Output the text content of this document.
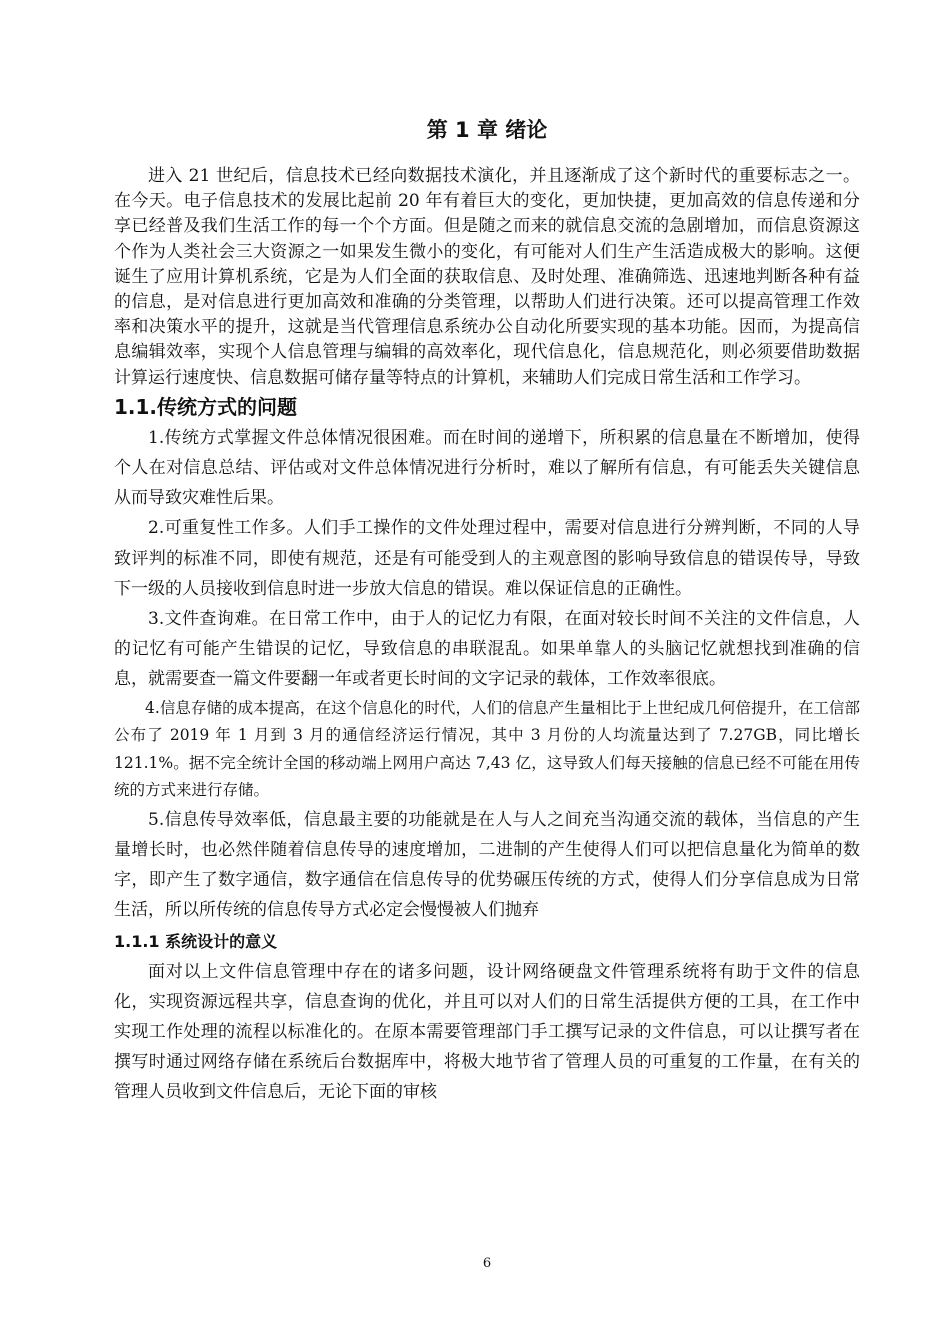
第 1 章 绪论

进入 21 世纪后，信息技术已经向数据技术演化，并且逐渐成了这个新时代的重要标志之一。在今天。电子信息技术的发展比起前 20 年有着巨大的变化，更加快捷，更加高效的信息传递和分享已经普及我们生活工作的每一个个方面。但是随之而来的就信息交流的急剧增加，而信息资源这个作为人类社会三大资源之一如果发生微小的变化，有可能对人们生产生活造成极大的影响。这便诞生了应用计算机系统，它是为人们全面的获取信息、及时处理、准确筛选、迅速地判断各种有益的信息，是对信息进行更加高效和准确的分类管理，以帮助人们进行决策。还可以提高管理工作效率和决策水平的提升，这就是当代管理信息系统办公自动化所要实现的基本功能。因而，为提高信息编辑效率，实现个人信息管理与编辑的高效率化，现代信息化，信息规范化，则必须要借助数据计算运行速度快、信息数据可储存量等特点的计算机，来辅助人们完成日常生活和工作学习。

1.1.传统方式的问题

1.传统方式掌握文件总体情况很困难。而在时间的递增下，所积累的信息量在不断增加，使得个人在对信息总结、评估或对文件总体情况进行分析时，难以了解所有信息，有可能丢失关键信息从而导致灾难性后果。

2.可重复性工作多。人们手工操作的文件处理过程中，需要对信息进行分辨判断，不同的人导致评判的标准不同，即使有规范，还是有可能受到人的主观意图的影响导致信息的错误传导，导致下一级的人员接收到信息时进一步放大信息的错误。难以保证信息的正确性。

3.文件查询难。在日常工作中，由于人的记忆力有限，在面对较长时间不关注的文件信息，人的记忆有可能产生错误的记忆，导致信息的串联混乱。如果单靠人的头脑记忆就想找到准确的信息，就需要查一篇文件要翻一年或者更长时间的文字记录的载体，工作效率很底。

4.信息存储的成本提高，在这个信息化的时代，人们的信息产生量相比于上世纪成几何倍提升，在工信部公布了 2019 年 1 月到 3 月的通信经济运行情况，其中 3 月份的人均流量达到了 7.27GB，同比增长 121.1%。据不完全统计全国的移动端上网用户高达 7,43 亿，这导致人们每天接触的信息已经不可能在用传统的方式来进行存储。

5.信息传导效率低，信息最主要的功能就是在人与人之间充当沟通交流的载体，当信息的产生量增长时，也必然伴随着信息传导的速度增加，二进制的产生使得人们可以把信息量化为简单的数字，即产生了数字通信，数字通信在信息传导的优势碾压传统的方式，使得人们分享信息成为日常生活，所以所传统的信息传导方式必定会慢慢被人们抛弃

1.1.1 系统设计的意义

面对以上文件信息管理中存在的诸多问题，设计网络硬盘文件管理系统将有助于文件的信息化，实现资源远程共享，信息查询的优化，并且可以对人们的日常生活提供方便的工具，在工作中实现工作处理的流程以标准化的。在原本需要管理部门手工撰写记录的文件信息，可以让撰写者在撰写时通过网络存储在系统后台数据库中，将极大地节省了管理人员的可重复的工作量，在有关的管理人员收到文件信息后，无论下面的审核

6
